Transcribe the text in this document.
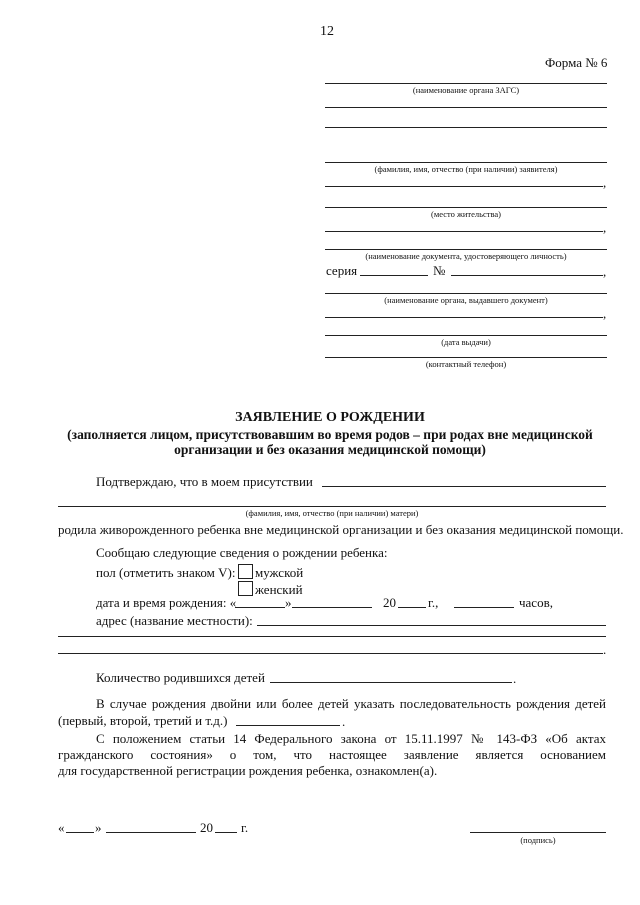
12
Форма № 6
(наименование органа ЗАГС)
(фамилия, имя, отчество (при наличии) заявителя)
,
(место жительства)
,
(наименование документа, удостоверяющего личность)
серия	№	,
(наименование органа, выдавшего документ)
,
(дата выдачи)
(контактный телефон)
ЗАЯВЛЕНИЕ О РОЖДЕНИИ
(заполняется лицом, присутствовавшим во время родов – при родах вне медицинской
организации и без оказания медицинской помощи)
Подтверждаю, что в моем присутствии
(фамилия, имя, отчество (при наличии) матери)
родила живорожденного ребенка вне медицинской организации и без оказания медицинской помощи.
Сообщаю следующие сведения о рождении ребенка:
пол (отметить знаком V):	мужской
женский
дата и время рождения: «	»	20 г.,	часов,
адрес (название местности):
.
Количество родившихся детей	.
В случае рождения двойни или более детей указать последовательность рождения детей
(первый, второй, третий и т.д.)	.
С положением статьи 14 Федерального закона от 15.11.1997 № 143-ФЗ «Об актах
гражданского состояния» о том, что настоящее заявление является основанием
для государственной регистрации рождения ребенка, ознакомлен(а).
« »	20 г.
(подпись)
